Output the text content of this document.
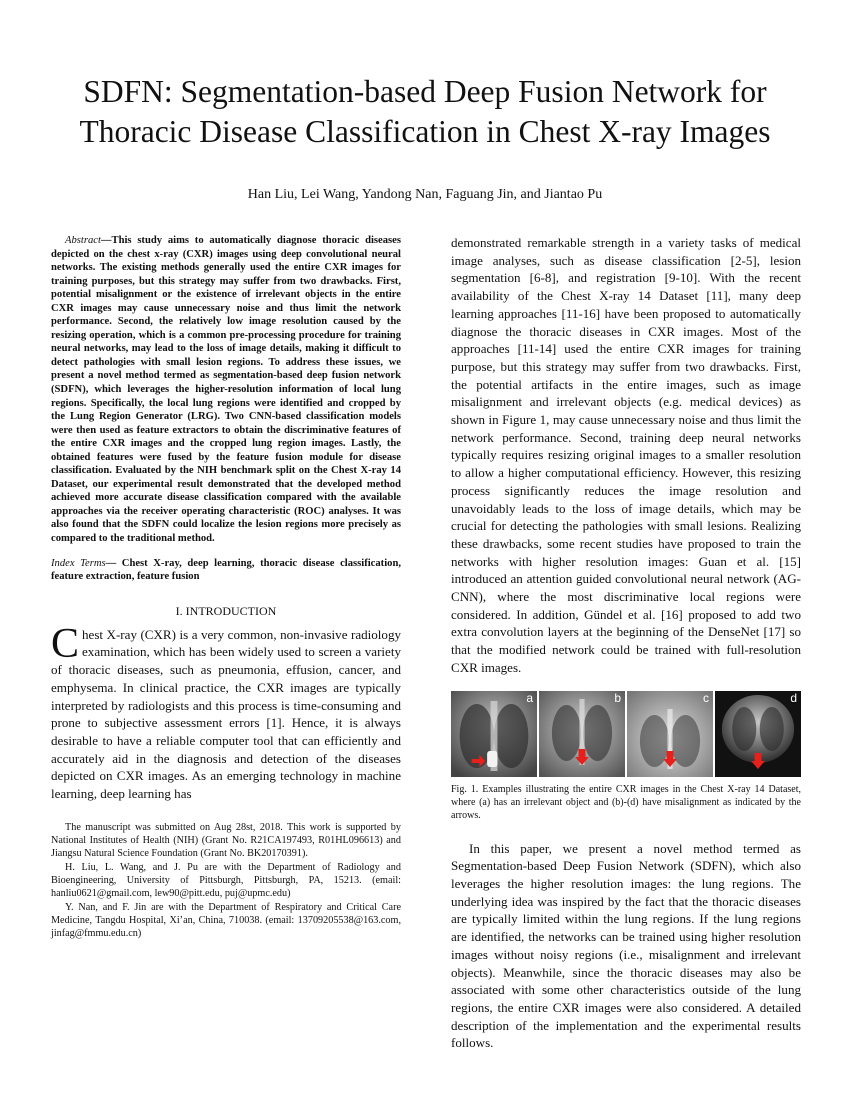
SDFN: Segmentation-based Deep Fusion Network for
Thoracic Disease Classification in Chest X-ray Images
Han Liu, Lei Wang, Yandong Nan, Faguang Jin, and Jiantao Pu

Abstract—This study aims to automatically diagnose thoracic diseases depicted on the chest x-ray (CXR) images using deep convolutional neural networks. The existing methods generally used the entire CXR images for training purposes, but this strategy may suffer from two drawbacks. First, potential misalignment or the existence of irrelevant objects in the entire CXR images may cause unnecessary noise and thus limit the network performance. Second, the relatively low image resolution caused by the resizing operation, which is a common pre-processing procedure for training neural networks, may lead to the loss of image details, making it difficult to detect pathologies with small lesion regions. To address these issues, we present a novel method termed as segmentation-based deep fusion network (SDFN), which leverages the higher-resolution information of local lung regions. Specifically, the local lung regions were identified and cropped by the Lung Region Generator (LRG). Two CNN-based classification models were then used as feature extractors to obtain the discriminative features of the entire CXR images and the cropped lung region images. Lastly, the obtained features were fused by the feature fusion module for disease classification. Evaluated by the NIH benchmark split on the Chest X-ray 14 Dataset, our experimental result demonstrated that the developed method achieved more accurate disease classification compared with the available approaches via the receiver operating characteristic (ROC) analyses. It was also found that the SDFN could localize the lesion regions more precisely as compared to the traditional method.

Index Terms— Chest X-ray, deep learning, thoracic disease classification, feature extraction, feature fusion

I. INTRODUCTION

Chest X-ray (CXR) is a very common, non-invasive radiology examination, which has been widely used to screen a variety of thoracic diseases, such as pneumonia, effusion, cancer, and emphysema. In clinical practice, the CXR images are typically interpreted by radiologists and this process is time-consuming and prone to subjective assessment errors [1]. Hence, it is always desirable to have a reliable computer tool that can efficiently and accurately aid in the diagnosis and detection of the diseases depicted on CXR images. As an emerging technology in machine learning, deep learning has

The manuscript was submitted on Aug 28st, 2018. This work is supported by National Institutes of Health (NIH) (Grant No. R21CA197493, R01HL096613) and Jiangsu Natural Science Foundation (Grant No. BK20170391).

H. Liu, L. Wang, and J. Pu are with the Department of Radiology and Bioengineering, University of Pittsburgh, Pittsburgh, PA, 15213. (email: hanliu0621@gmail.com, lew90@pitt.edu, puj@upmc.edu)

Y. Nan, and F. Jin are with the Department of Respiratory and Critical Care Medicine, Tangdu Hospital, Xi’an, China, 710038. (email: 13709205538@163.com, jinfag@fmmu.edu.cn)

demonstrated remarkable strength in a variety tasks of medical image analyses, such as disease classification [2-5], lesion segmentation [6-8], and registration [9-10]. With the recent availability of the Chest X-ray 14 Dataset [11], many deep learning approaches [11-16] have been proposed to automatically diagnose the thoracic diseases in CXR images. Most of the approaches [11-14] used the entire CXR images for training purpose, but this strategy may suffer from two drawbacks. First, the potential artifacts in the entire images, such as image misalignment and irrelevant objects (e.g. medical devices) as shown in Figure 1, may cause unnecessary noise and thus limit the network performance. Second, training deep neural networks typically requires resizing original images to a smaller resolution to allow a higher computational efficiency. However, this resizing process significantly reduces the image resolution and unavoidably leads to the loss of image details, which may be crucial for detecting the pathologies with small lesions. Realizing these drawbacks, some recent studies have proposed to train the networks with higher resolution images: Guan et al. [15] introduced an attention guided convolutional neural network (AG-CNN), where the most discriminative local regions were considered. In addition, Gündel et al. [16] proposed to add two extra convolution layers at the beginning of the DenseNet [17] so that the modified network could be trained with full-resolution CXR images.

a	b	c	d

Fig. 1. Examples illustrating the entire CXR images in the Chest X-ray 14 Dataset, where (a) has an irrelevant object and (b)-(d) have misalignment as indicated by the arrows.

In this paper, we present a novel method termed as Segmentation-based Deep Fusion Network (SDFN), which also leverages the higher resolution images: the lung regions. The underlying idea was inspired by the fact that the thoracic diseases are typically limited within the lung regions. If the lung regions are identified, the networks can be trained using higher resolution images without noisy regions (i.e., misalignment and irrelevant objects). Meanwhile, since the thoracic diseases may also be associated with some other characteristics outside of the lung regions, the entire CXR images were also considered. A detailed description of the implementation and the experimental results follows.
